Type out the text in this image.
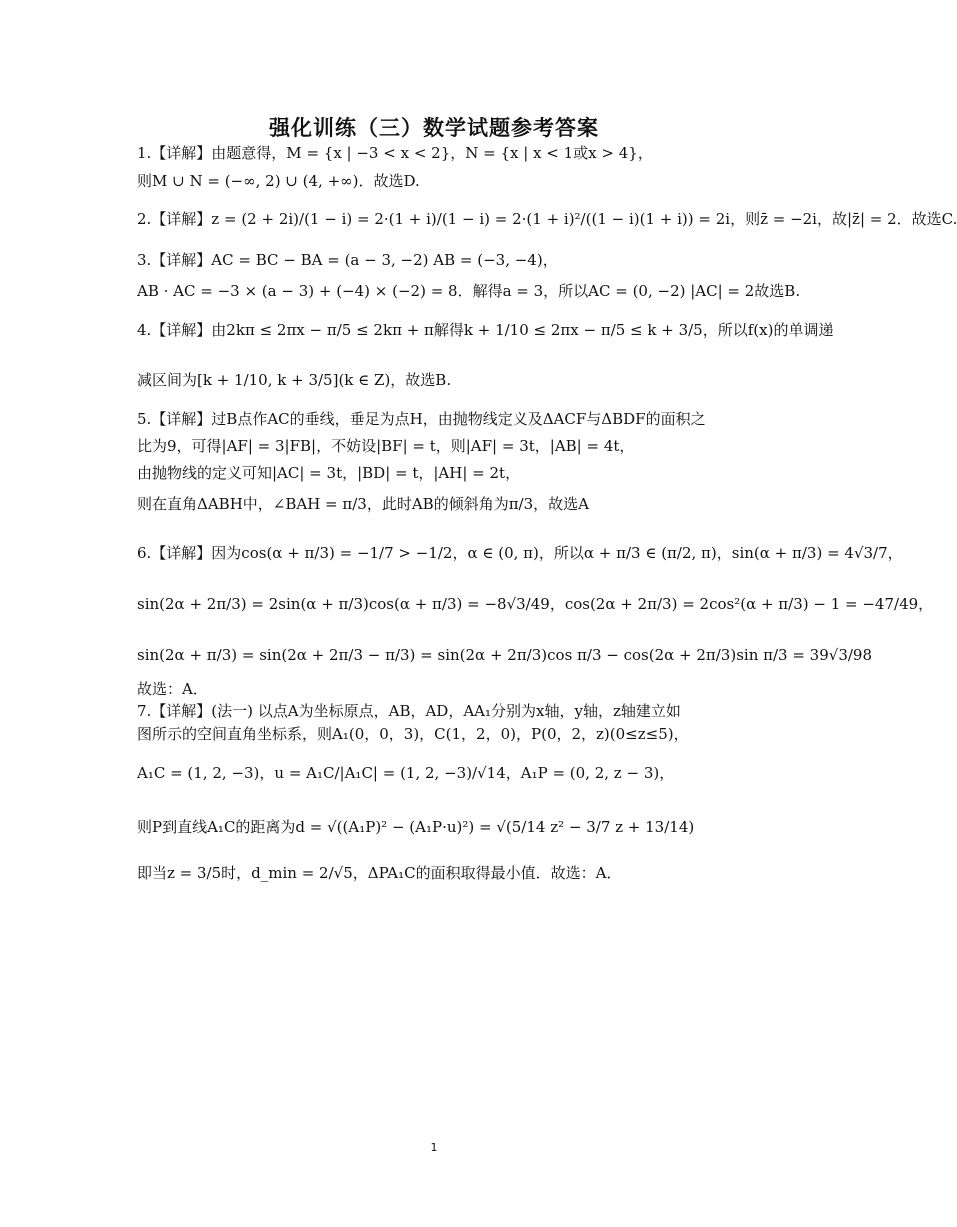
强化训练（三）数学试题参考答案
1.【详解】由题意得，M = {x | −3 < x < 2}，N = {x | x < 1或x > 4}，
则M ∪ N = (−∞, 2) ∪ (4, +∞)．故选D.
2.【详解】z = (2 + 2i)/(1 − i) = 2·(1 + i)/(1 − i) = 2·(1 + i)²/((1 − i)(1 + i)) = 2i，则z̄ = −2i，故|z̄| = 2．故选C.
3.【详解】AC = BC − BA = (a − 3, −2) AB = (−3, −4)，
AB · AC = −3 × (a − 3) + (−4) × (−2) = 8．解得a = 3，所以AC = (0, −2) |AC| = 2故选B.
4.【详解】由2kπ ≤ 2πx − π/5 ≤ 2kπ + π解得k + 1/10 ≤ 2πx − π/5 ≤ k + 3/5，所以f(x)的单调递
减区间为[k + 1/10, k + 3/5](k ∈ Z)，故选B.
5.【详解】过B点作AC的垂线，垂足为点H，由抛物线定义及ΔACF与ΔBDF的面积之
比为9，可得|AF| = 3|FB|，不妨设|BF| = t，则|AF| = 3t，|AB| = 4t，
由抛物线的定义可知|AC| = 3t，|BD| = t，|AH| = 2t，
则在直角ΔABH中，∠BAH = π/3，此时AB的倾斜角为π/3，故选A
6.【详解】因为cos(α + π/3) = −1/7 > −1/2，α ∈ (0, π)，所以α + π/3 ∈ (π/2, π)，sin(α + π/3) = 4√3/7，
sin(2α + 2π/3) = 2sin(α + π/3)cos(α + π/3) = −8√3/49，cos(2α + 2π/3) = 2cos²(α + π/3) − 1 = −47/49，
sin(2α + π/3) = sin(2α + 2π/3 − π/3) = sin(2α + 2π/3)cos π/3 − cos(2α + 2π/3)sin π/3 = 39√3/98
故选：A．
7.【详解】(法一) 以点A为坐标原点，AB，AD，AA₁分别为x轴，y轴，z轴建立如
图所示的空间直角坐标系，则A₁(0，0，3)，C(1，2，0)，P(0，2，z)(0≤z≤5)，
A₁C = (1, 2, −3)，u = A₁C/|A₁C| = (1, 2, −3)/√14，A₁P = (0, 2, z − 3)，
则P到直线A₁C的距离为d = √((A₁P)² − (A₁P·u)²) = √(5/14 z² − 3/7 z + 13/14)
即当z = 3/5时，d_min = 2/√5，ΔPA₁C的面积取得最小值．故选：A．
1
